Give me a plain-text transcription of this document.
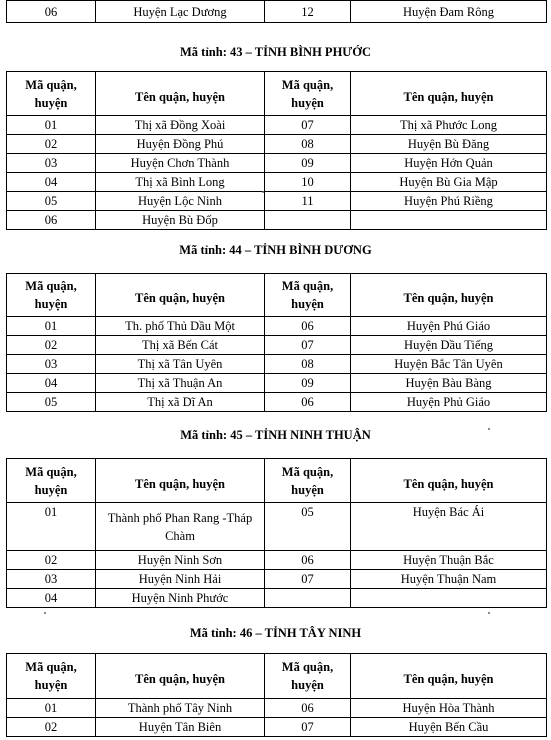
06	Huyện Lạc Dương	12	Huyện Đam Rông
Mã tỉnh: 43 – TỈNH BÌNH PHƯỚC
Mã quận, huyện	Tên quận, huyện	Mã quận, huyện	Tên quận, huyện
01	Thị xã Đồng Xoài	07	Thị xã Phước Long
02	Huyện Đồng Phú	08	Huyện Bù Đăng
03	Huyện Chơn Thành	09	Huyện Hớn Quản
04	Thị xã Bình Long	10	Huyện Bù Gia Mập
05	Huyện Lộc Ninh	11	Huyện Phú Riềng
06	Huyện Bù Đốp		
Mã tỉnh: 44 – TỈNH BÌNH DƯƠNG
Mã quận, huyện	Tên quận, huyện	Mã quận, huyện	Tên quận, huyện
01	Th. phố Thủ Dầu Một	06	Huyện Phú Giáo
02	Thị xã Bến Cát	07	Huyện Dầu Tiếng
03	Thị xã Tân Uyên	08	Huyện Bắc Tân Uyên
04	Thị xã Thuận An	09	Huyện Bàu Bàng
05	Thị xã Dĩ An	06	Huyện Phủ Giáo
Mã tỉnh: 45 – TỈNH NINH THUẬN
Mã quận, huyện	Tên quận, huyện	Mã quận, huyện	Tên quận, huyện
01	Thành phố Phan Rang -Tháp Chàm	05	Huyện Bác Ái
02	Huyện Ninh Sơn	06	Huyện Thuận Bắc
03	Huyện Ninh Hải	07	Huyện Thuận Nam
04	Huyện Ninh Phước		
Mã tỉnh: 46 – TỈNH TÂY NINH
Mã quận, huyện	Tên quận, huyện	Mã quận, huyện	Tên quận, huyện
01	Thành phố Tây Ninh	06	Huyện Hòa Thành
02	Huyện Tân Biên	07	Huyện Bến Cầu
